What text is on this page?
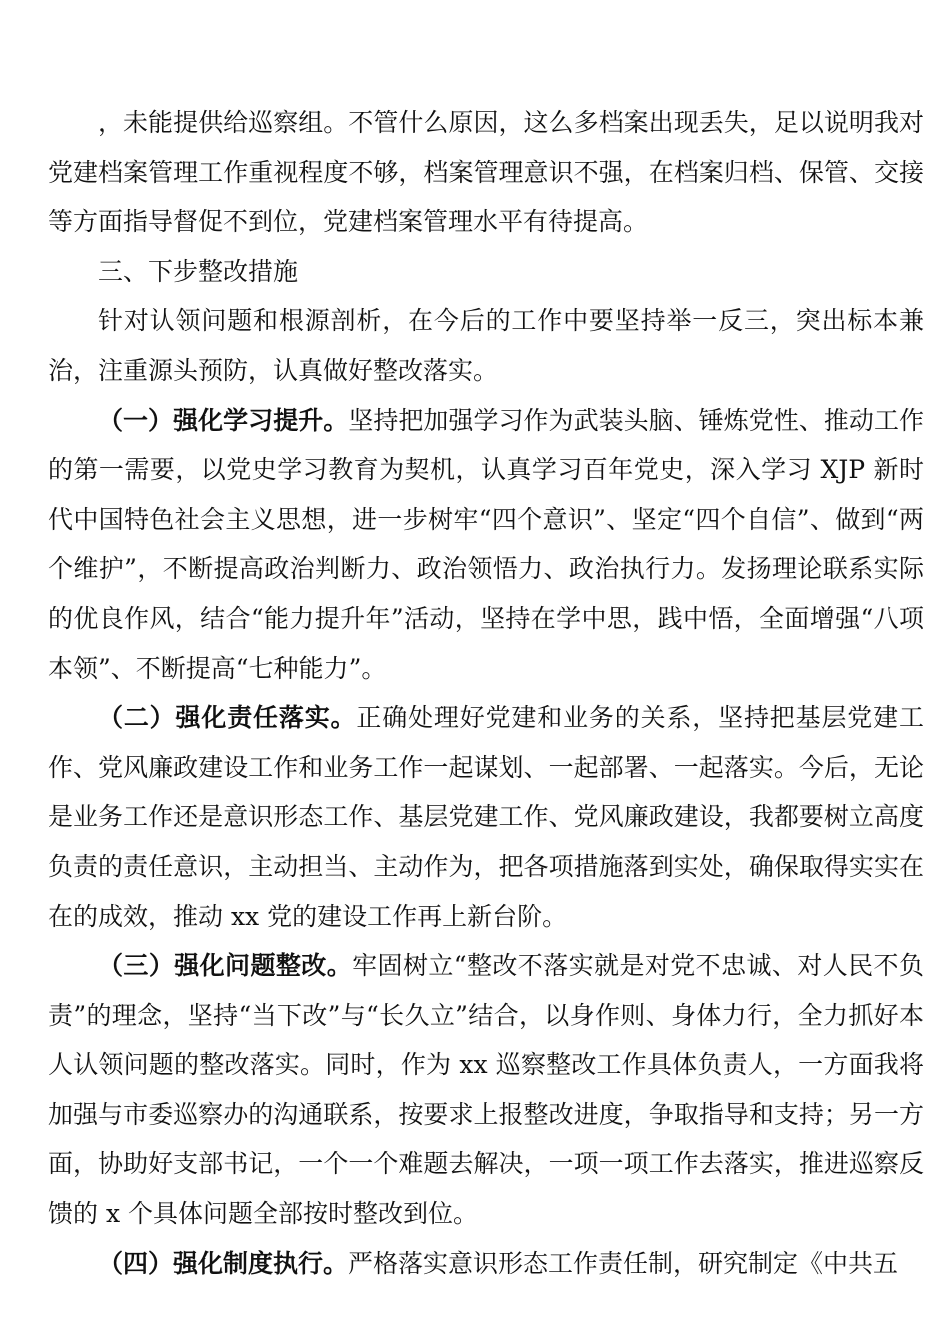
，未能提供给巡察组。不管什么原因，这么多档案出现丢失，足以说明我对党建档案管理工作重视程度不够，档案管理意识不强，在档案归档、保管、交接等方面指导督促不到位，党建档案管理水平有待提高。

三、下步整改措施

针对认领问题和根源剖析，在今后的工作中要坚持举一反三，突出标本兼治，注重源头预防，认真做好整改落实。

（一）强化学习提升。坚持把加强学习作为武装头脑、锤炼党性、推动工作的第一需要，以党史学习教育为契机，认真学习百年党史，深入学习 XJP 新时代中国特色社会主义思想，进一步树牢“四个意识”、坚定“四个自信”、做到“两个维护”，不断提高政治判断力、政治领悟力、政治执行力。发扬理论联系实际的优良作风，结合“能力提升年”活动，坚持在学中思，践中悟，全面增强“八项本领”、不断提高“七种能力”。

（二）强化责任落实。正确处理好党建和业务的关系，坚持把基层党建工作、党风廉政建设工作和业务工作一起谋划、一起部署、一起落实。今后，无论是业务工作还是意识形态工作、基层党建工作、党风廉政建设，我都要树立高度负责的责任意识，主动担当、主动作为，把各项措施落到实处，确保取得实实在在的成效，推动 xx 党的建设工作再上新台阶。

（三）强化问题整改。牢固树立“整改不落实就是对党不忠诚、对人民不负责”的理念，坚持“当下改”与“长久立”结合，以身作则、身体力行，全力抓好本人认领问题的整改落实。同时，作为 xx 巡察整改工作具体负责人，一方面我将加强与市委巡察办的沟通联系，按要求上报整改进度，争取指导和支持；另一方面，协助好支部书记，一个一个难题去解决，一项一项工作去落实，推进巡察反馈的 x 个具体问题全部按时整改到位。

（四）强化制度执行。严格落实意识形态工作责任制，研究制定《中共五
